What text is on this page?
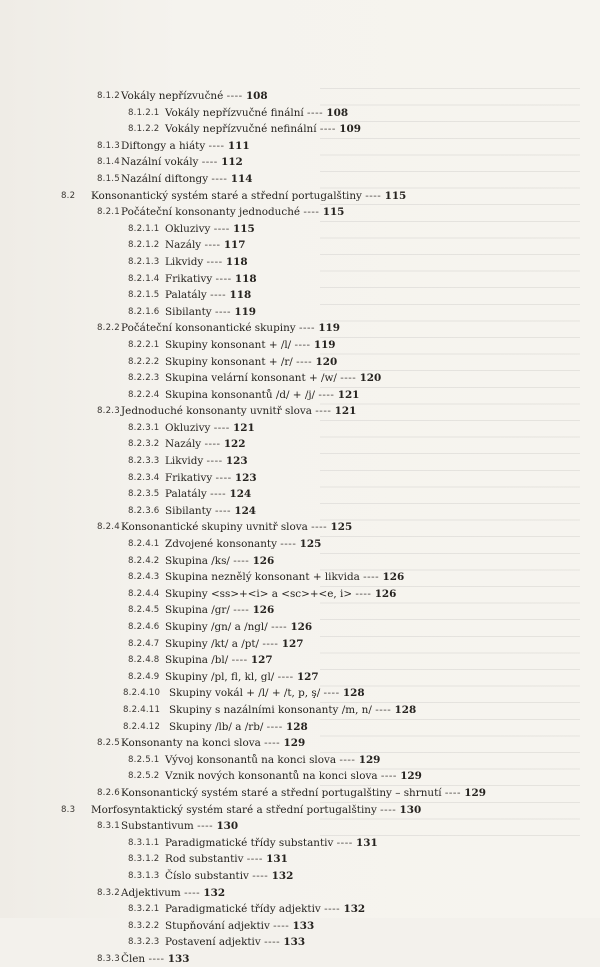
8.1.2 Vokály nepřízvučné ---- 108
8.1.2.1 Vokály nepřízvučné finální ---- 108
8.1.2.2 Vokály nepřízvučné nefinální ---- 109
8.1.3 Diftongy a hiáty ---- 111
8.1.4 Nazální vokály ---- 112
8.1.5 Nazální diftongy ---- 114
8.2 Konsonantický systém staré a střední portugalštiny ---- 115
8.2.1 Počáteční konsonanty jednoduché ---- 115
8.2.1.1 Okluzivy ---- 115
8.2.1.2 Nazály ---- 117
8.2.1.3 Likvidy ---- 118
8.2.1.4 Frikativy ---- 118
8.2.1.5 Palatály ---- 118
8.2.1.6 Sibilanty ---- 119
8.2.2 Počáteční konsonantické skupiny ---- 119
8.2.2.1 Skupiny konsonant + /l/ ---- 119
8.2.2.2 Skupiny konsonant + /r/ ---- 120
8.2.2.3 Skupina velární konsonant + /w/ ---- 120
8.2.2.4 Skupina konsonantů /d/ + /j/ ---- 121
8.2.3 Jednoduché konsonanty uvnitř slova ---- 121
8.2.3.1 Okluzivy ---- 121
8.2.3.2 Nazály ---- 122
8.2.3.3 Likvidy ---- 123
8.2.3.4 Frikativy ---- 123
8.2.3.5 Palatály ---- 124
8.2.3.6 Sibilanty ---- 124
8.2.4 Konsonantické skupiny uvnitř slova ---- 125
8.2.4.1 Zdvojené konsonanty ---- 125
8.2.4.2 Skupina /ks/ ---- 126
8.2.4.3 Skupina neznělý konsonant + likvida ---- 126
8.2.4.4 Skupiny <ss>+<i> a <sc>+<e, i> ---- 126
8.2.4.5 Skupina /gr/ ---- 126
8.2.4.6 Skupiny /gn/ a /ngl/ ---- 126
8.2.4.7 Skupiny /kt/ a /pt/ ---- 127
8.2.4.8 Skupina /bl/ ---- 127
8.2.4.9 Skupiny /pl, fl, kl, gl/ ---- 127
8.2.4.10 Skupiny vokál + /l/ + /t, p, ş/ ---- 128
8.2.4.11 Skupiny s nazálními konsonanty /m, n/ ---- 128
8.2.4.12 Skupiny /lb/ a /rb/ ---- 128
8.2.5 Konsonanty na konci slova ---- 129
8.2.5.1 Vývoj konsonantů na konci slova ---- 129
8.2.5.2 Vznik nových konsonantů na konci slova ---- 129
8.2.6 Konsonantický systém staré a střední portugalštiny – shrnutí ---- 129
8.3 Morfosyntaktický systém staré a střední portugalštiny ---- 130
8.3.1 Substantivum ---- 130
8.3.1.1 Paradigmatické třídy substantiv ---- 131
8.3.1.2 Rod substantiv ---- 131
8.3.1.3 Číslo substantiv ---- 132
8.3.2 Adjektivum ---- 132
8.3.2.1 Paradigmatické třídy adjektiv ---- 132
8.3.2.2 Stupňování adjektiv ---- 133
8.3.2.3 Postavení adjektiv ---- 133
8.3.3 Člen ---- 133
